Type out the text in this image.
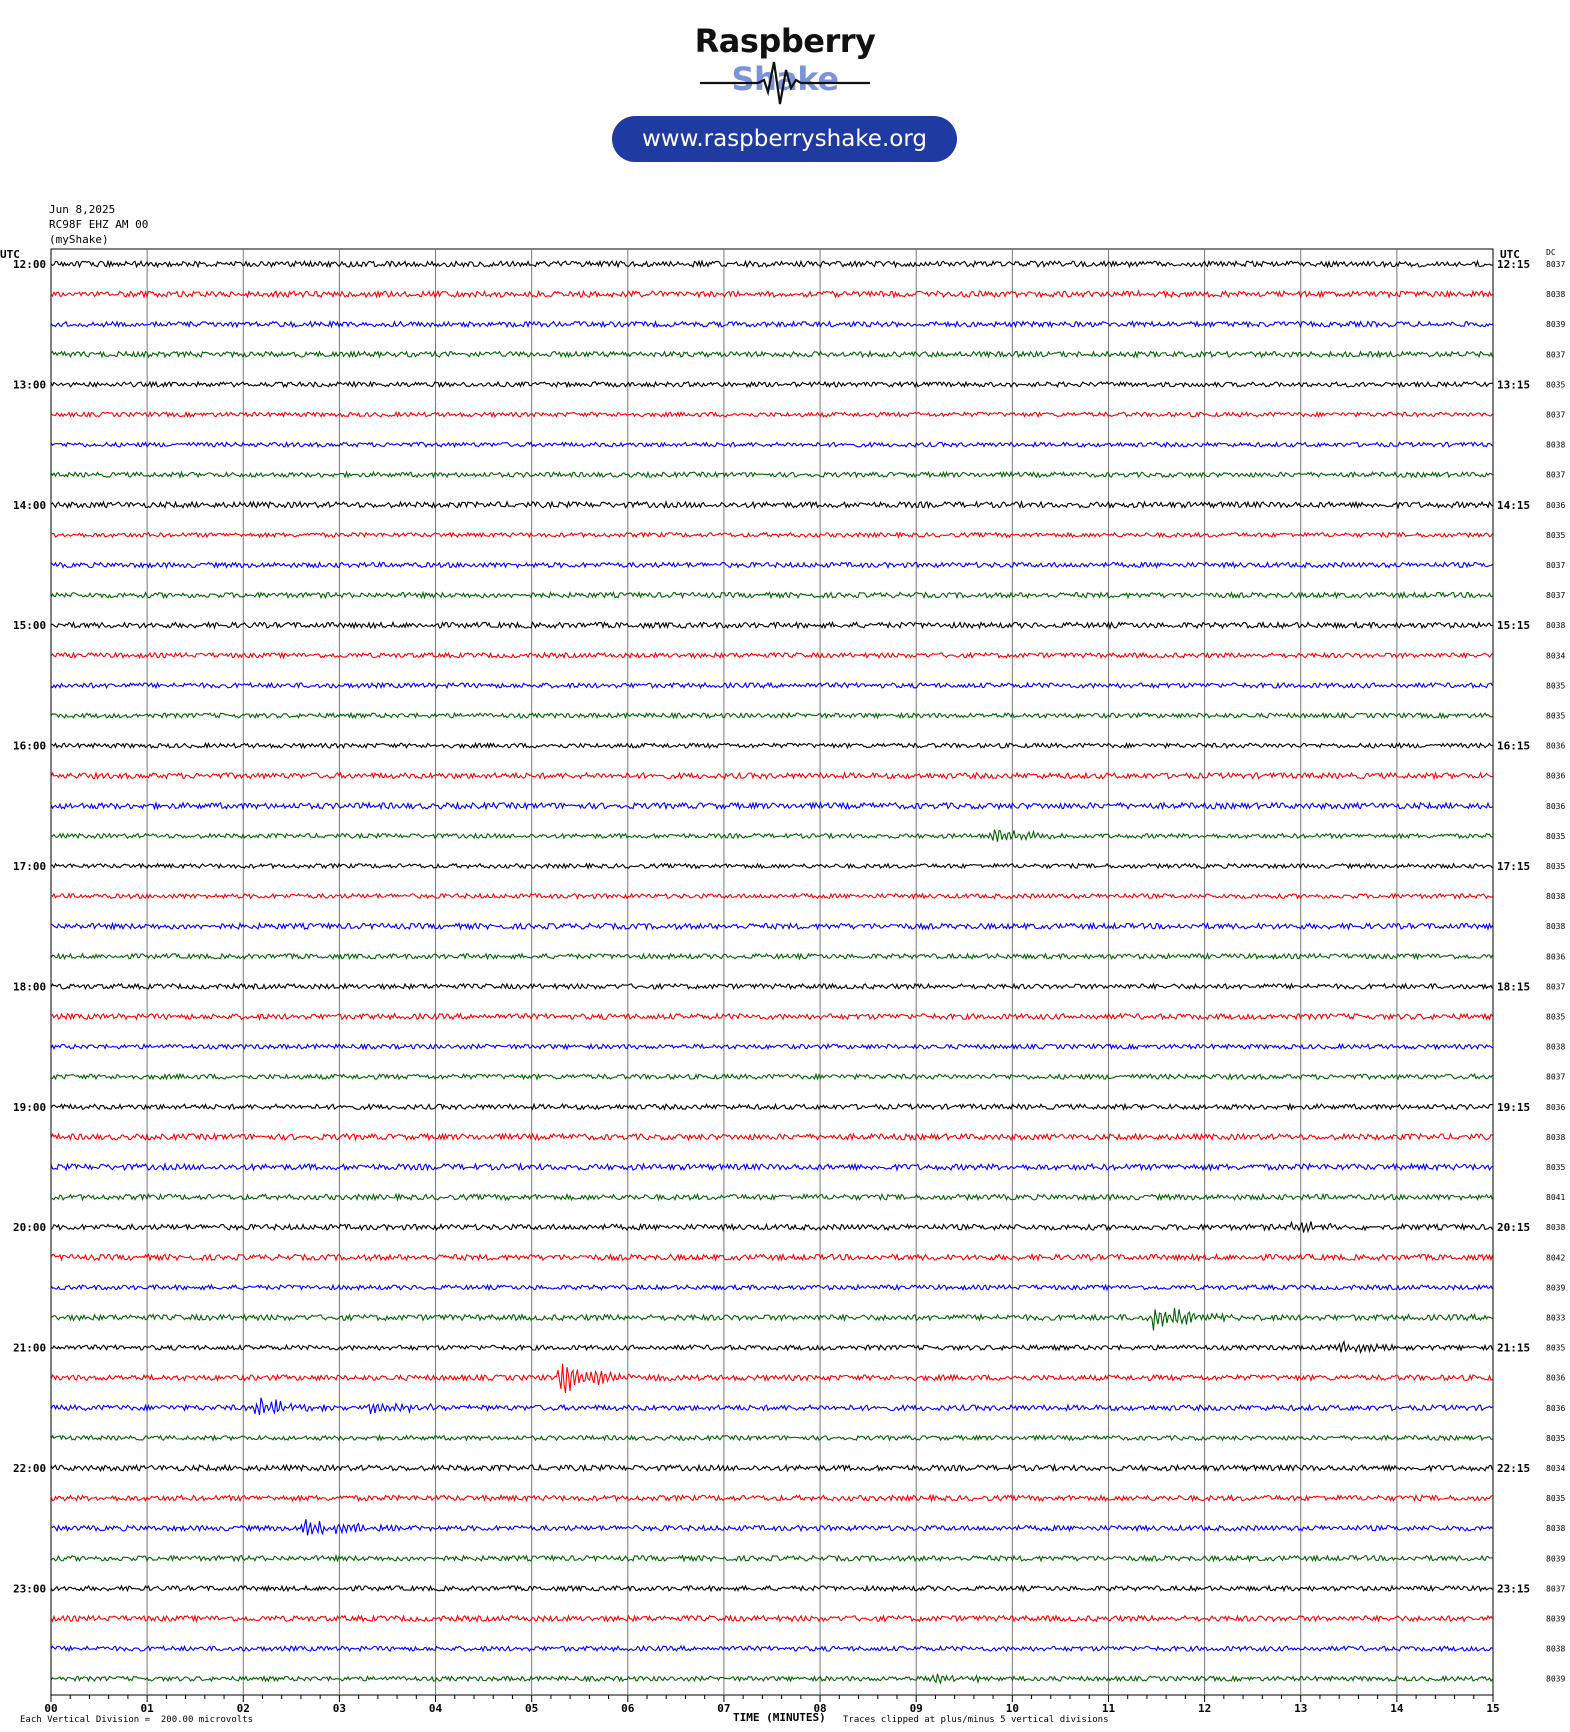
Raspberry Shake
www.raspberryshake.org
Jun 8,2025
RC98F EHZ AM 00
(myShake)
00	01	02	03	04	05	06	07	08	09	10	11	12	13	14	15
UTC	UTC	DC
8037
12:00	12:15
8038
8039
8037
8035
13:00	13:15
8037
8038
8037
8036
14:00	14:15
8035
8037
8037
8038
15:00	15:15
8034
8035
8035
8036
16:00	16:15
8036
8036
8035
8035
17:00	17:15
8038
8038
8036
8037
18:00	18:15
8035
8038
8037
8036
19:00	19:15
8038
8035
8041
8038
20:00	20:15
8042
8039
8033
8035
21:00	21:15
8036
8036
8035
8034
22:00	22:15
8035
8038
8039
8037
23:00	23:15
8039
8038
8039
Each Vertical Division =  200.00 microvolts	TIME (MINUTES) Traces clipped at plus/minus 5 vertical divisions
